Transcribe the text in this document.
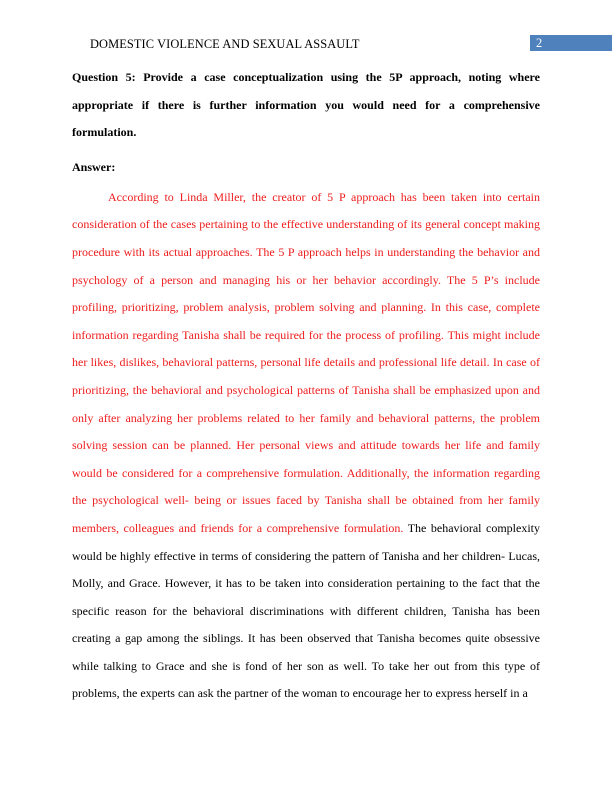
DOMESTIC VIOLENCE AND SEXUAL ASSAULT	2

Question 5: Provide a case conceptualization using the 5P approach, noting where appropriate if there is further information you would need for a comprehensive formulation.

Answer:

According to Linda Miller, the creator of 5 P approach has been taken into certain consideration of the cases pertaining to the effective understanding of its general concept making procedure with its actual approaches. The 5 P approach helps in understanding the behavior and psychology of a person and managing his or her behavior accordingly. The 5 P’s include profiling, prioritizing, problem analysis, problem solving and planning. In this case, complete information regarding Tanisha shall be required for the process of profiling. This might include her likes, dislikes, behavioral patterns, personal life details and professional life detail. In case of prioritizing, the behavioral and psychological patterns of Tanisha shall be emphasized upon and only after analyzing her problems related to her family and behavioral patterns, the problem solving session can be planned. Her personal views and attitude towards her life and family would be considered for a comprehensive formulation. Additionally, the information regarding the psychological well- being or issues faced by Tanisha shall be obtained from her family members, colleagues and friends for a comprehensive formulation. The behavioral complexity would be highly effective in terms of considering the pattern of Tanisha and her children- Lucas, Molly, and Grace. However, it has to be taken into consideration pertaining to the fact that the specific reason for the behavioral discriminations with different children, Tanisha has been creating a gap among the siblings. It has been observed that Tanisha becomes quite obsessive while talking to Grace and she is fond of her son as well. To take her out from this type of problems, the experts can ask the partner of the woman to encourage her to express herself in a
